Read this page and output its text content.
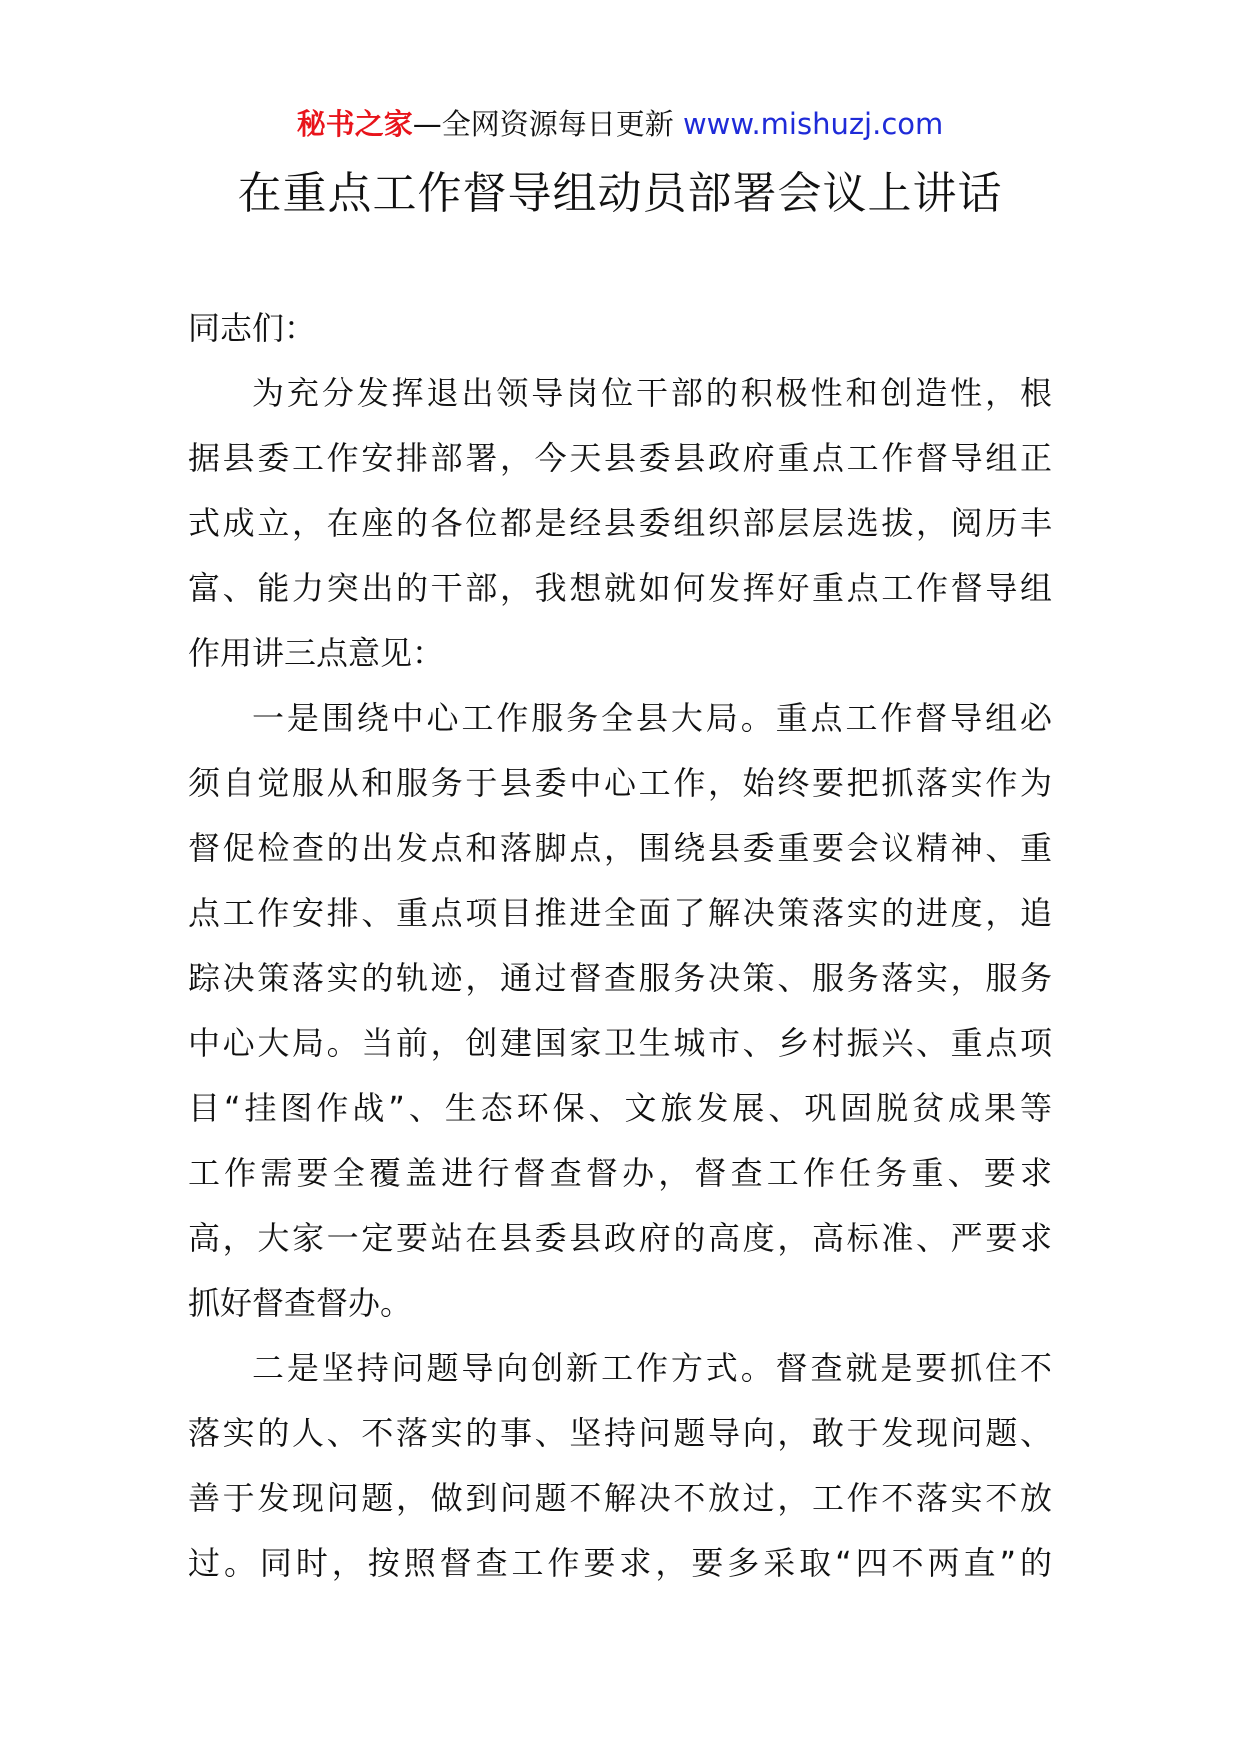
秘书之家—全网资源每日更新 www.mishuzj.com
在重点工作督导组动员部署会议上讲话

同志们：

为充分发挥退出领导岗位干部的积极性和创造性，根
据县委工作安排部署，今天县委县政府重点工作督导组正
式成立，在座的各位都是经县委组织部层层选拔，阅历丰
富、能力突出的干部，我想就如何发挥好重点工作督导组
作用讲三点意见：

一是围绕中心工作服务全县大局。重点工作督导组必
须自觉服从和服务于县委中心工作，始终要把抓落实作为
督促检查的出发点和落脚点，围绕县委重要会议精神、重
点工作安排、重点项目推进全面了解决策落实的进度，追
踪决策落实的轨迹，通过督查服务决策、服务落实，服务
中心大局。当前，创建国家卫生城市、乡村振兴、重点项
目“挂图作战”、生态环保、文旅发展、巩固脱贫成果等
工作需要全覆盖进行督查督办，督查工作任务重、要求
高，大家一定要站在县委县政府的高度，高标准、严要求
抓好督查督办。

二是坚持问题导向创新工作方式。督查就是要抓住不
落实的人、不落实的事、坚持问题导向，敢于发现问题、
善于发现问题，做到问题不解决不放过，工作不落实不放
过。同时，按照督查工作要求，要多采取“四不两直”的
